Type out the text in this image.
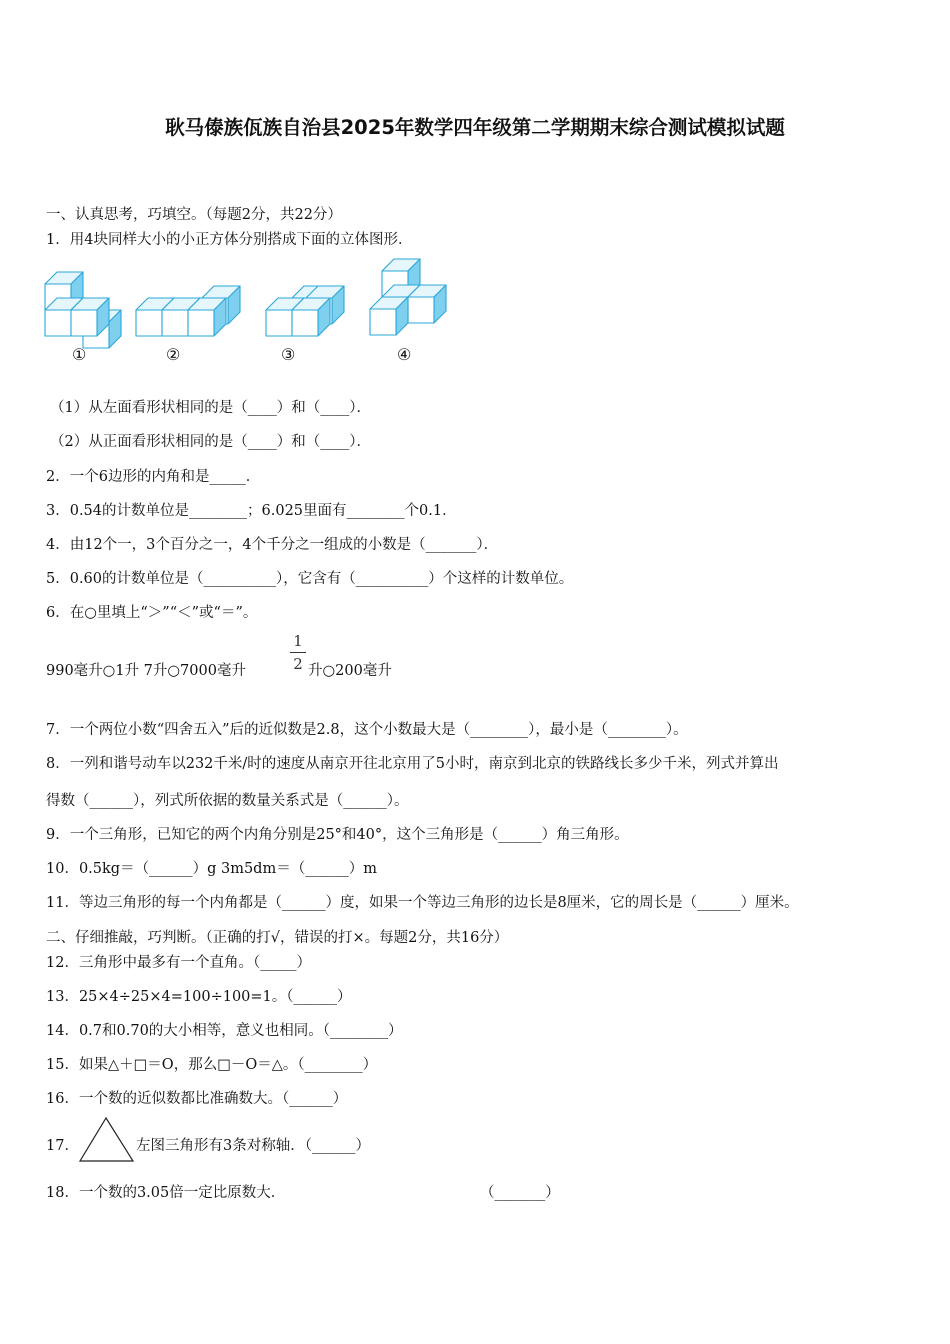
耿马傣族佤族自治县2025年数学四年级第二学期期末综合测试模拟试题
一、认真思考，巧填空。（每题2分，共22分）
1．用4块同样大小的小正方体分别搭成下面的立体图形．
①	②	③	④
（1）从左面看形状相同的是（____）和（____）．
（2）从正面看形状相同的是（____）和（____）．
2．一个6边形的内角和是_____．
3．0.54的计数单位是________；6.025里面有________个0.1．
4．由12个一，3个百分之一，4个千分之一组成的小数是（_______）．
5．0.60的计数单位是（__________），它含有（__________）个这样的计数单位。
6．在○里填上“＞”“＜”或“＝”。
990毫升○1升 7升○7000毫升
1
2 升○200毫升
7．一个两位小数“四舍五入”后的近似数是2.8，这个小数最大是（________），最小是（________）。
8．一列和谐号动车以232千米/时的速度从南京开往北京用了5小时，南京到北京的铁路线长多少千米，列式并算出
得数（______），列式所依据的数量关系式是（______）。
9．一个三角形，已知它的两个内角分别是25°和40°，这个三角形是（______）角三角形。
10．0.5kg＝（______）g 3m5dm＝（______）m
11．等边三角形的每一个内角都是（______）度，如果一个等边三角形的边长是8厘米，它的周长是（______）厘米。
二、仔细推敲，巧判断。（正确的打√，错误的打×。每题2分，共16分）
12．三角形中最多有一个直角。（_____）
13．25×4÷25×4=100÷100=1。（______）
14．0.7和0.70的大小相等，意义也相同。（________）
15．如果△＋□＝O，那么□－O＝△。（________）
16．一个数的近似数都比准确数大。（______）
17．	左图三角形有3条对称轴．（______）
18．一个数的3.05倍一定比原数大．	（_______）
